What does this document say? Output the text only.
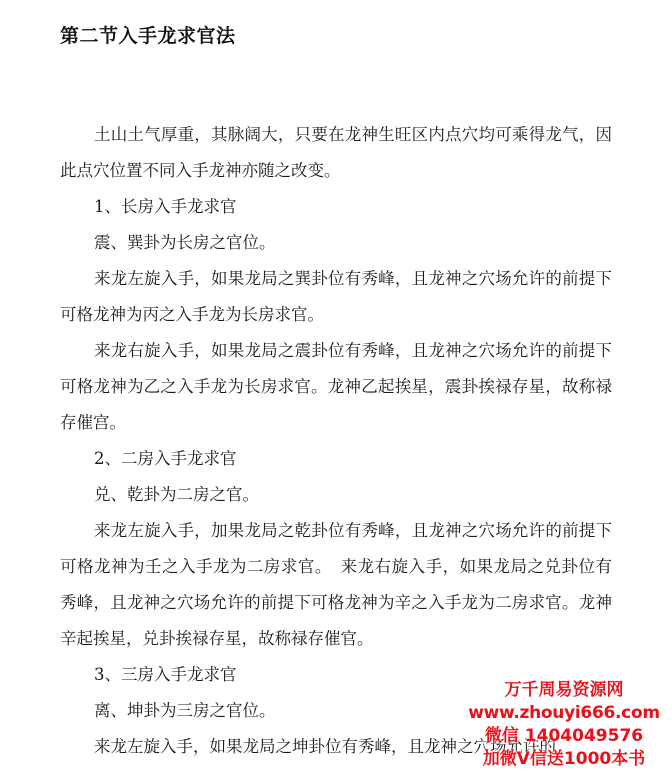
第二节入手龙求官法

土山土气厚重，其脉阔大，只要在龙神生旺区内点穴均可乘得龙气，因此点穴位置不同入手龙神亦随之改变。

1、长房入手龙求官

震、巽卦为长房之官位。

来龙左旋入手，如果龙局之巽卦位有秀峰，且龙神之穴场允许的前提下可格龙神为丙之入手龙为长房求官。

来龙右旋入手，如果龙局之震卦位有秀峰，且龙神之穴场允许的前提下可格龙神为乙之入手龙为长房求官。龙神乙起挨星，震卦挨禄存星，故称禄存催宫。

2、二房入手龙求官

兑、乾卦为二房之官。

来龙左旋入手，加果龙局之乾卦位有秀峰，且龙神之穴场允许的前提下可格龙神为壬之入手龙为二房求官。　来龙右旋入手，如果龙局之兑卦位有秀峰，且龙神之穴场允许的前提下可格龙神为辛之入手龙为二房求官。龙神辛起挨星，兑卦挨禄存星，故称禄存催官。

3、三房入手龙求官

离、坤卦为三房之官位。

来龙左旋入手，如果龙局之坤卦位有秀峰，且龙神之穴场允许的

万千周易资源网
www.zhouyi666.com
微信 1404049576
加微V信送1000本书
